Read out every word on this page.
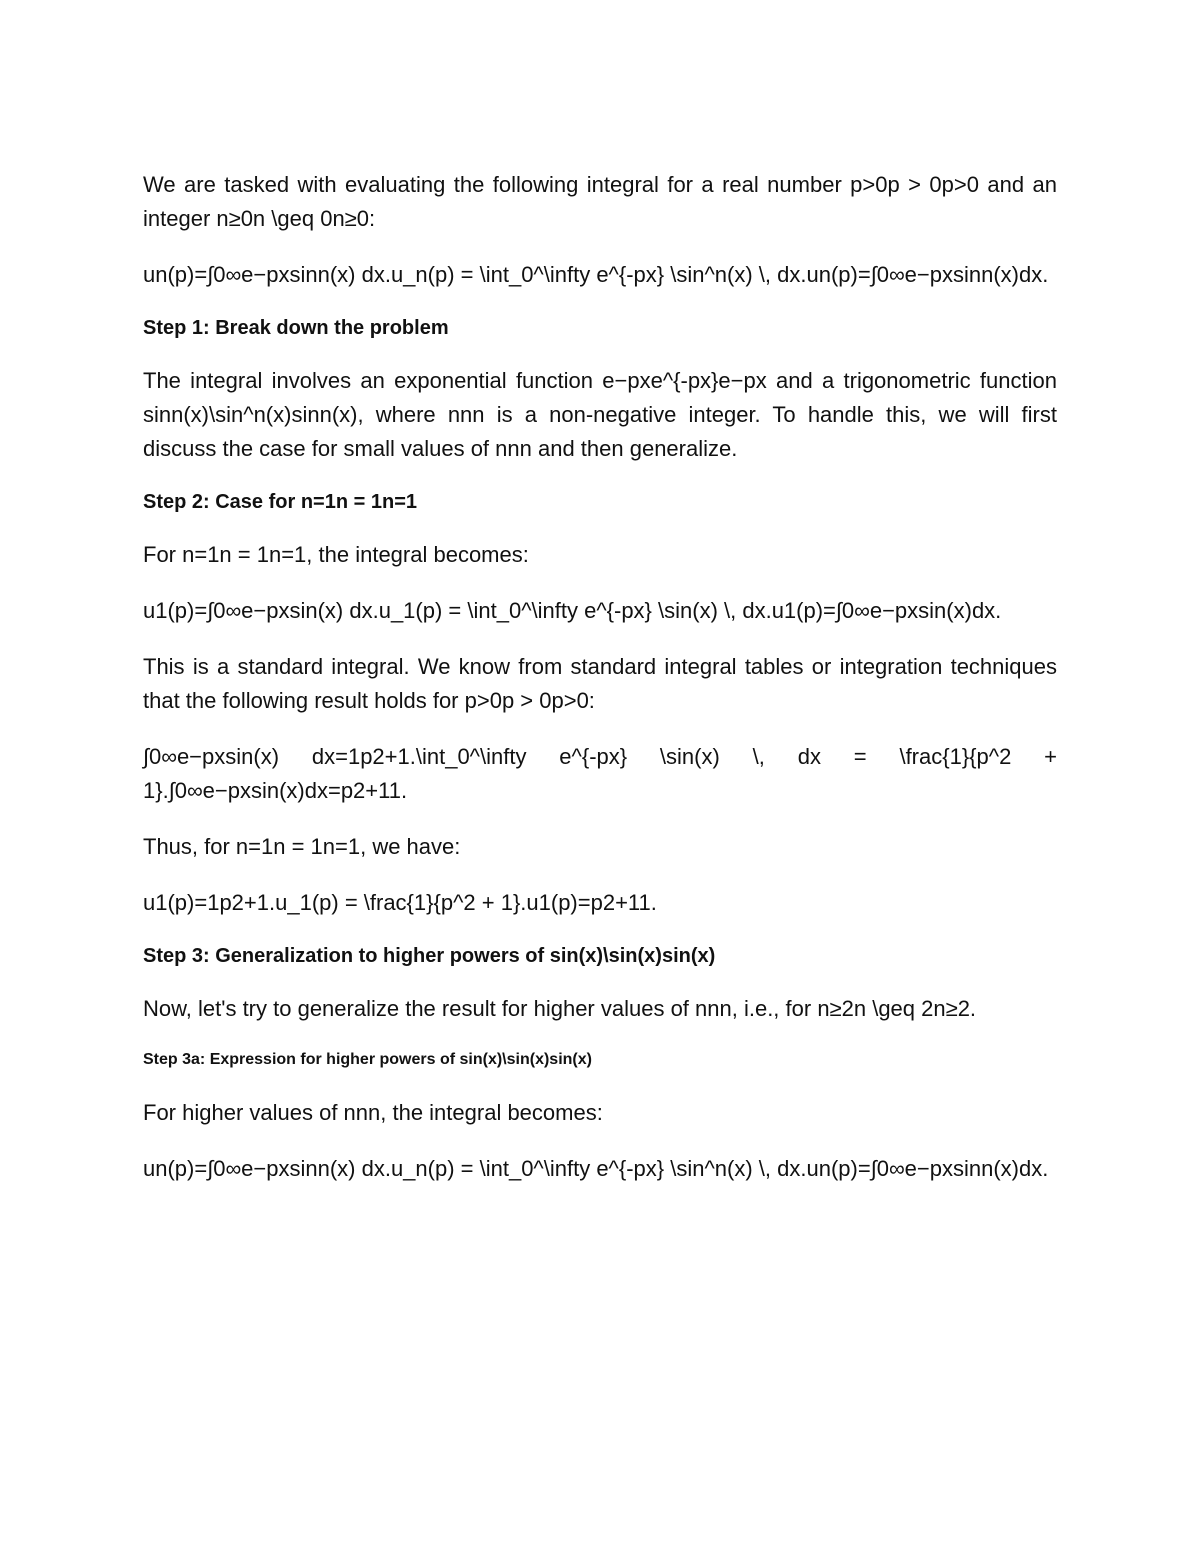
We are tasked with evaluating the following integral for a real number p>0p > 0p>0 and an integer n≥0n \geq 0n≥0:

un(p)=∫0∞e−pxsinn(x) dx.u_n(p) = \int_0^\infty e^{-px} \sin^n(x) \, dx.un(p)=∫0∞e−pxsinn(x)dx.

Step 1: Break down the problem

The integral involves an exponential function e−pxe^{-px}e−px and a trigonometric function sinn(x)\sin^n(x)sinn(x), where nnn is a non-negative integer. To handle this, we will first discuss the case for small values of nnn and then generalize.

Step 2: Case for n=1n = 1n=1

For n=1n = 1n=1, the integral becomes:

u1(p)=∫0∞e−pxsin(x) dx.u_1(p) = \int_0^\infty e^{-px} \sin(x) \, dx.u1(p)=∫0∞e−pxsin(x)dx.

This is a standard integral. We know from standard integral tables or integration techniques that the following result holds for p>0p > 0p>0:

∫0∞e−pxsin(x) dx=1p2+1.\int_0^\infty e^{-px} \sin(x) \, dx = \frac{1}{p^2 + 1}.∫0∞e−pxsin(x)dx=p2+11.

Thus, for n=1n = 1n=1, we have:

u1(p)=1p2+1.u_1(p) = \frac{1}{p^2 + 1}.u1(p)=p2+11.

Step 3: Generalization to higher powers of sin(x)\sin(x)sin(x)

Now, let's try to generalize the result for higher values of nnn, i.e., for n≥2n \geq 2n≥2.

Step 3a: Expression for higher powers of sin(x)\sin(x)sin(x)

For higher values of nnn, the integral becomes:

un(p)=∫0∞e−pxsinn(x) dx.u_n(p) = \int_0^\infty e^{-px} \sin^n(x) \, dx.un(p)=∫0∞e−pxsinn(x)dx.
